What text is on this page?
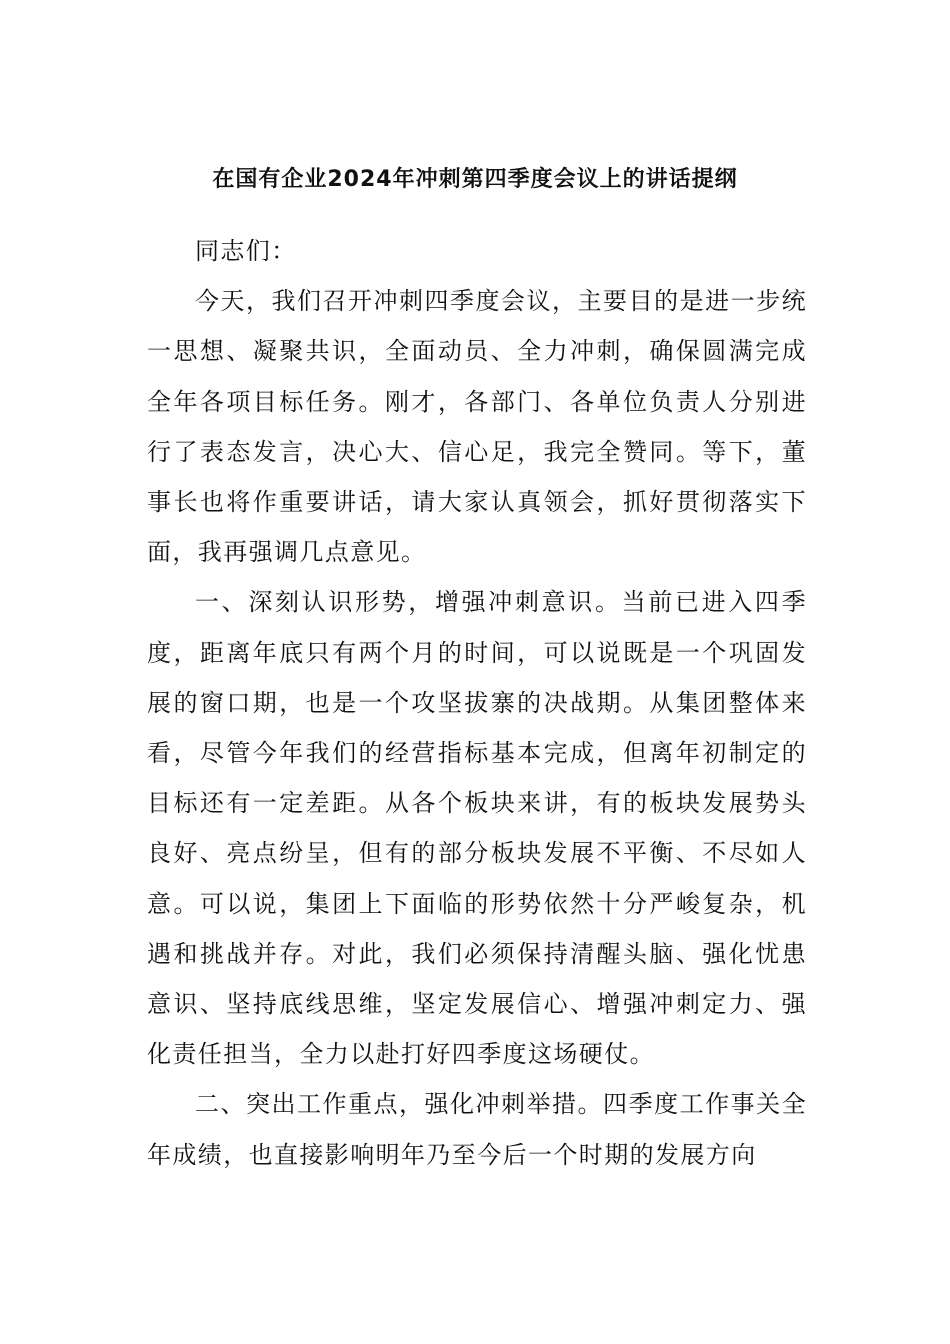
在国有企业2024年冲刺第四季度会议上的讲话提纲

同志们：

今天，我们召开冲刺四季度会议，主要目的是进一步统一思想、凝聚共识，全面动员、全力冲刺，确保圆满完成全年各项目标任务。刚才，各部门、各单位负责人分别进行了表态发言，决心大、信心足，我完全赞同。等下，董事长也将作重要讲话，请大家认真领会，抓好贯彻落实下面，我再强调几点意见。

一、深刻认识形势，增强冲刺意识。当前已进入四季度，距离年底只有两个月的时间，可以说既是一个巩固发展的窗口期，也是一个攻坚拔寨的决战期。从集团整体来看，尽管今年我们的经营指标基本完成，但离年初制定的目标还有一定差距。从各个板块来讲，有的板块发展势头良好、亮点纷呈，但有的部分板块发展不平衡、不尽如人意。可以说，集团上下面临的形势依然十分严峻复杂，机遇和挑战并存。对此，我们必须保持清醒头脑、强化忧患意识、坚持底线思维，坚定发展信心、增强冲刺定力、强化责任担当，全力以赴打好四季度这场硬仗。

二、突出工作重点，强化冲刺举措。四季度工作事关全年成绩，也直接影响明年乃至今后一个时期的发展方向
